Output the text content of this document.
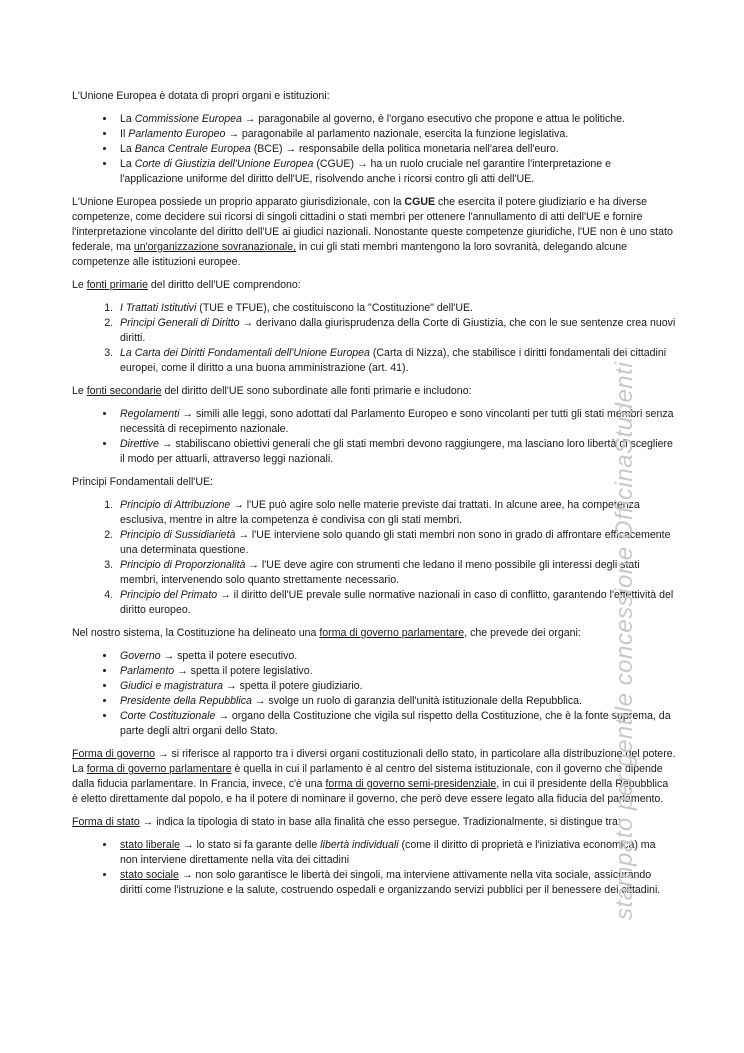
L'Unione Europea è dotata di propri organi e istituzioni:

• La Commissione Europea → paragonabile al governo, è l'organo esecutivo che propone e attua le politiche.
• Il Parlamento Europeo → paragonabile al parlamento nazionale, esercita la funzione legislativa.
• La Banca Centrale Europea (BCE) → responsabile della politica monetaria nell'area dell'euro.
• La Corte di Giustizia dell'Unione Europea (CGUE) → ha un ruolo cruciale nel garantire l'interpretazione e l'applicazione uniforme del diritto dell'UE, risolvendo anche i ricorsi contro gli atti dell'UE.

L'Unione Europea possiede un proprio apparato giurisdizionale, con la CGUE che esercita il potere giudiziario e ha diverse competenze, come decidere sui ricorsi di singoli cittadini o stati membri per ottenere l'annullamento di atti dell'UE e fornire l'interpretazione vincolante del diritto dell'UE ai giudici nazionali. Nonostante queste competenze giuridiche, l'UE non è uno stato federale, ma un'organizzazione sovranazionale, in cui gli stati membri mantengono la loro sovranità, delegando alcune competenze alle istituzioni europee.

Le fonti primarie del diritto dell'UE comprendono:

1. I Trattati Istitutivi (TUE e TFUE), che costituiscono la "Costituzione" dell'UE.
2. Principi Generali di Diritto → derivano dalla giurisprudenza della Corte di Giustizia, che con le sue sentenze crea nuovi diritti.
3. La Carta dei Diritti Fondamentali dell'Unione Europea (Carta di Nizza), che stabilisce i diritti fondamentali dei cittadini europei, come il diritto a una buona amministrazione (art. 41).

Le fonti secondarie del diritto dell'UE sono subordinate alle fonti primarie e includono:

• Regolamenti → simili alle leggi, sono adottati dal Parlamento Europeo e sono vincolanti per tutti gli stati membri senza necessità di recepimento nazionale.
• Direttive → stabiliscano obiettivi generali che gli stati membri devono raggiungere, ma lasciano loro libertà di scegliere il modo per attuarli, attraverso leggi nazionali.

Principi Fondamentali dell'UE:

1. Principio di Attribuzione → l'UE può agire solo nelle materie previste dai trattati. In alcune aree, ha competenza esclusiva, mentre in altre la competenza è condivisa con gli stati membri.
2. Principio di Sussidiarietà → l'UE interviene solo quando gli stati membri non sono in grado di affrontare efficacemente una determinata questione.
3. Principio di Proporzionalità → l'UE deve agire con strumenti che ledano il meno possibile gli interessi degli stati membri, intervenendo solo quanto strettamente necessario.
4. Principio del Primato → il diritto dell'UE prevale sulle normative nazionali in caso di conflitto, garantendo l'effettività del diritto europeo.

Nel nostro sistema, la Costituzione ha delineato una forma di governo parlamentare, che prevede dei organi:

• Governo → spetta il potere esecutivo.
• Parlamento → spetta il potere legislativo.
• Giudici e magistratura → spetta il potere giudiziario.
• Presidente della Repubblica → svolge un ruolo di garanzia dell'unità istituzionale della Repubblica.
• Corte Costituzionale → organo della Costituzione che vigila sul rispetto della Costituzione, che è la fonte suprema, da parte degli altri organi dello Stato.

Forma di governo → si riferisce al rapporto tra i diversi organi costituzionali dello stato, in particolare alla distribuzione del potere. La forma di governo parlamentare è quella in cui il parlamento è al centro del sistema istituzionale, con il governo che dipende dalla fiducia parlamentare. In Francia, invece, c'è una forma di governo semi-presidenziale, in cui il presidente della Repubblica è eletto direttamente dal popolo, e ha il potere di nominare il governo, che però deve essere legato alla fiducia del parlamento.

Forma di stato → indica la tipologia di stato in base alla finalità che esso persegue. Tradizionalmente, si distingue tra:

• stato liberale → lo stato si fa garante delle libertà individuali (come il diritto di proprietà e l'iniziativa economica) ma non interviene direttamente nella vita dei cittadini
• stato sociale → non solo garantisce le libertà dei singoli, ma interviene attivamente nella vita sociale, assicurando diritti come l'istruzione e la salute, costruendo ospedali e organizzando servizi pubblici per il benessere dei cittadini.
stampato per gentile concessione OfficinaStudenti
